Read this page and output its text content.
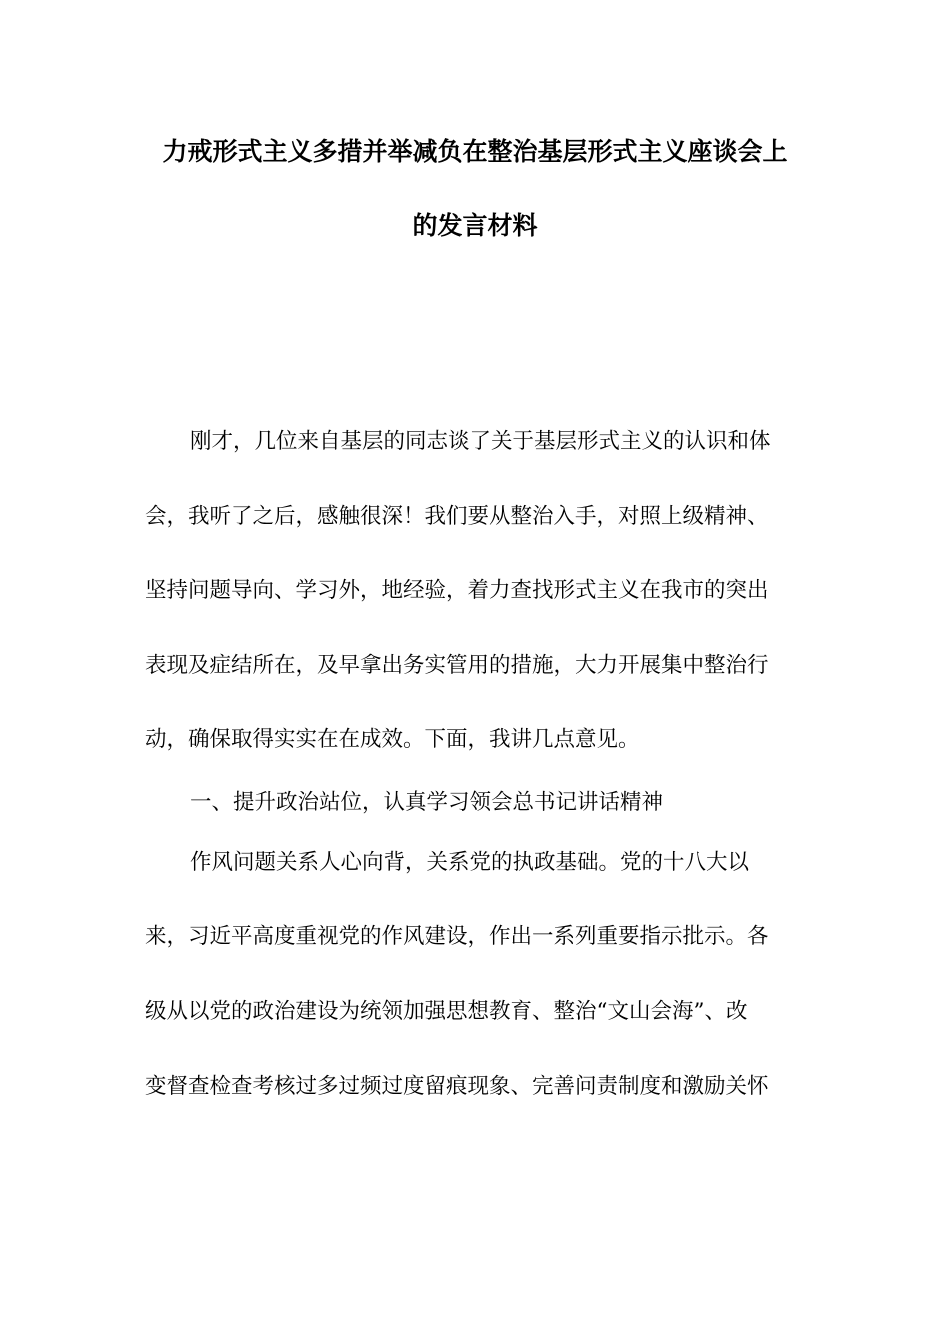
力戒形式主义多措并举减负在整治基层形式主义座谈会上
的发言材料
刚才，几位来自基层的同志谈了关于基层形式主义的认识和体
会，我听了之后，感触很深！我们要从整治入手，对照上级精神、
坚持问题导向、学习外，地经验，着力查找形式主义在我市的突出
表现及症结所在，及早拿出务实管用的措施，大力开展集中整治行
动，确保取得实实在在成效。下面，我讲几点意见。
一、提升政治站位，认真学习领会总书记讲话精神
作风问题关系人心向背，关系党的执政基础。党的十八大以
来，习近平高度重视党的作风建设，作出一系列重要指示批示。各
级从以党的政治建设为统领加强思想教育、整治“文山会海”、改
变督查检查考核过多过频过度留痕现象、完善问责制度和激励关怀
